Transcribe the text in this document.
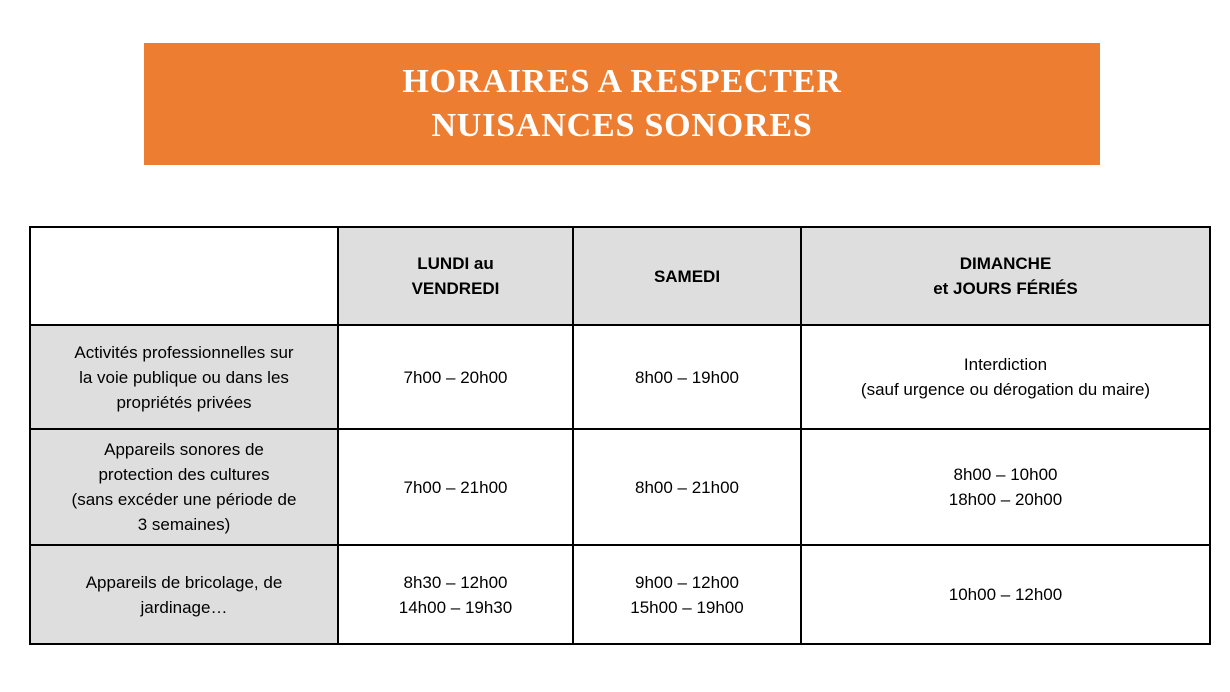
HORAIRES A RESPECTER
NUISANCES SONORES

	LUNDI au
VENDREDI	SAMEDI	DIMANCHE
et JOURS FÉRIÉS

Activités professionnelles sur
la voie publique ou dans les
propriétés privées	7h00 – 20h00	8h00 – 19h00	Interdiction
(sauf urgence ou dérogation du maire)

Appareils sonores de
protection des cultures
(sans excéder une période de
3 semaines)	7h00 – 21h00	8h00 – 21h00	8h00 – 10h00
18h00 – 20h00

Appareils de bricolage, de
jardinage…	8h30 – 12h00
14h00 – 19h30	9h00 – 12h00
15h00 – 19h00	10h00 – 12h00
